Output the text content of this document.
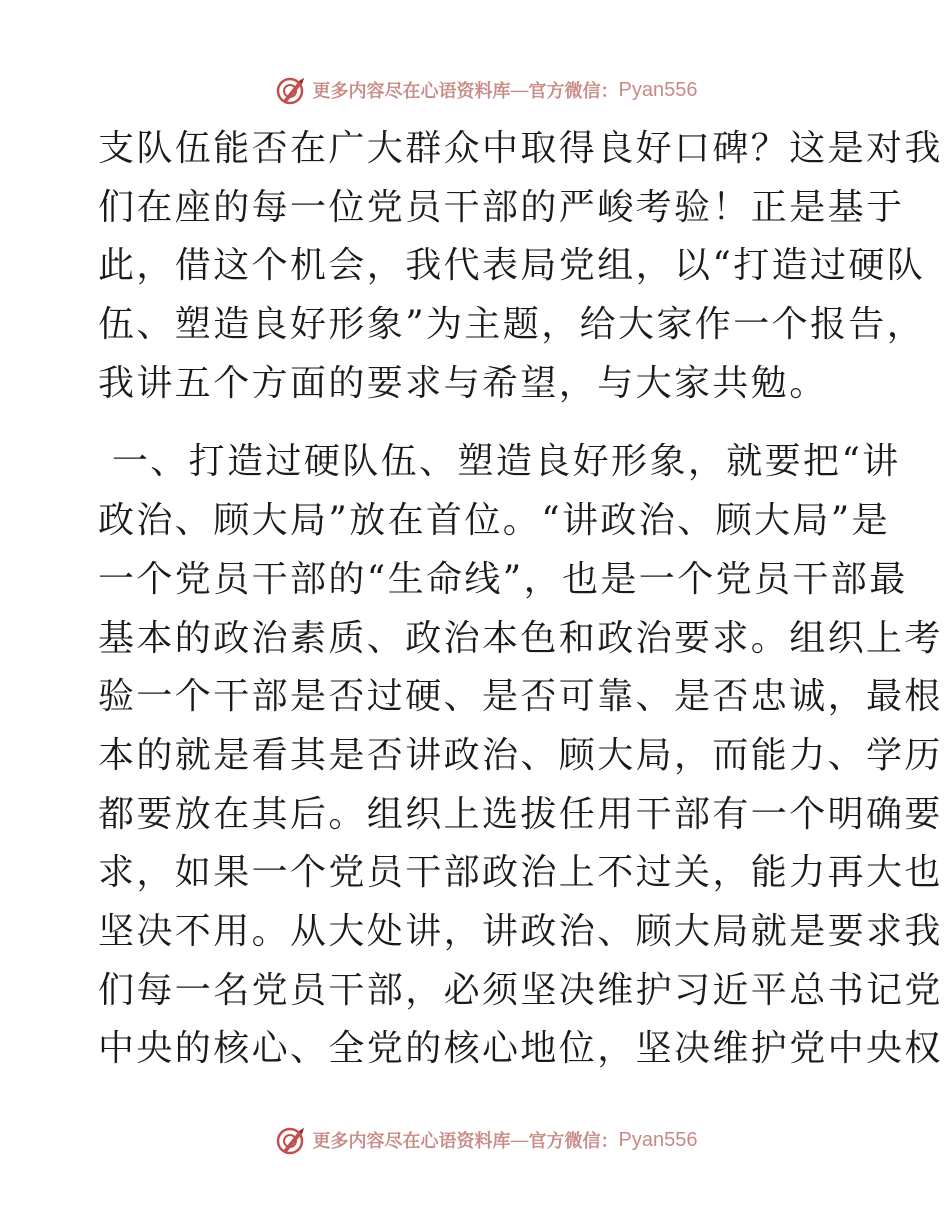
更多内容尽在心语资料库 — 官方微信： Pyan556
支队伍能否在广大群众中取得良好口碑？这是对我
们在座的每一位党员干部的严峻考验！正是基于
此，借这个机会，我代表局党组，以“打造过硬队
伍、塑造良好形象”为主题，给大家作一个报告，
我讲五个方面的要求与希望，与大家共勉。
一、打造过硬队伍、塑造良好形象，就要把“讲
政治、顾大局”放在首位。“讲政治、顾大局”是
一个党员干部的“生命线”，也是一个党员干部最
基本的政治素质、政治本色和政治要求。组织上考
验一个干部是否过硬、是否可靠、是否忠诚，最根
本的就是看其是否讲政治、顾大局，而能力、学历
都要放在其后。组织上选拔任用干部有一个明确要
求，如果一个党员干部政治上不过关，能力再大也
坚决不用。从大处讲，讲政治、顾大局就是要求我
们每一名党员干部，必须坚决维护习近平总书记党
中央的核心、全党的核心地位，坚决维护党中央权
更多内容尽在心语资料库 — 官方微信： Pyan556
